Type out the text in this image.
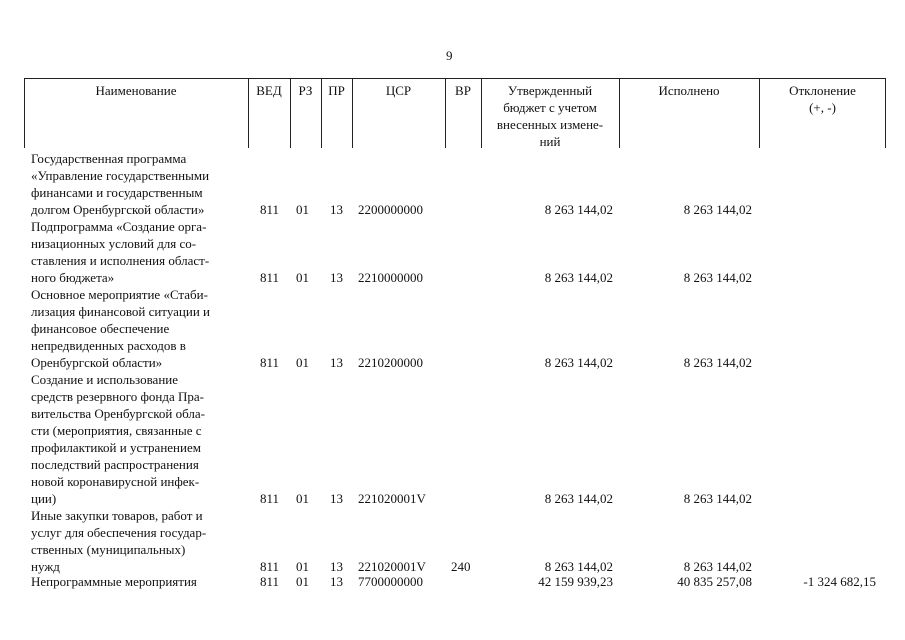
9
Наименование	ВЕД	РЗ	ПР	ЦСР	ВР	Утвержденный
бюджет с учетом
внесенных измене-
ний
Исполнено	Отклонение
(+, -)
Государственная программа
«Управление государственными
финансами и государственным
долгом Оренбургской области»	811 01 13 2200000000	8 263 144,02	8 263 144,02
Подпрограмма «Создание орга-
низационных условий для со-
ставления и исполнения област-
ного бюджета»	811 01 13 2210000000	8 263 144,02	8 263 144,02
Основное мероприятие «Стаби-
лизация финансовой ситуации и
финансовое обеспечение
непредвиденных расходов в
Оренбургской области»	811 01 13 2210200000	8 263 144,02	8 263 144,02
Создание и использование
средств резервного фонда Пра-
вительства Оренбургской обла-
сти (мероприятия, связанные с
профилактикой и устранением
последствий распространения
новой коронавирусной инфек-
ции)	811 01 13 221020001V	8 263 144,02	8 263 144,02
Иные закупки товаров, работ и
услуг для обеспечения государ-
ственных (муниципальных)
нужд	811 01 13 221020001V 240	8 263 144,02	8 263 144,02
Непрограммные мероприятия	811 01 13 7700000000	42 159 939,23	40 835 257,08	-1 324 682,15
